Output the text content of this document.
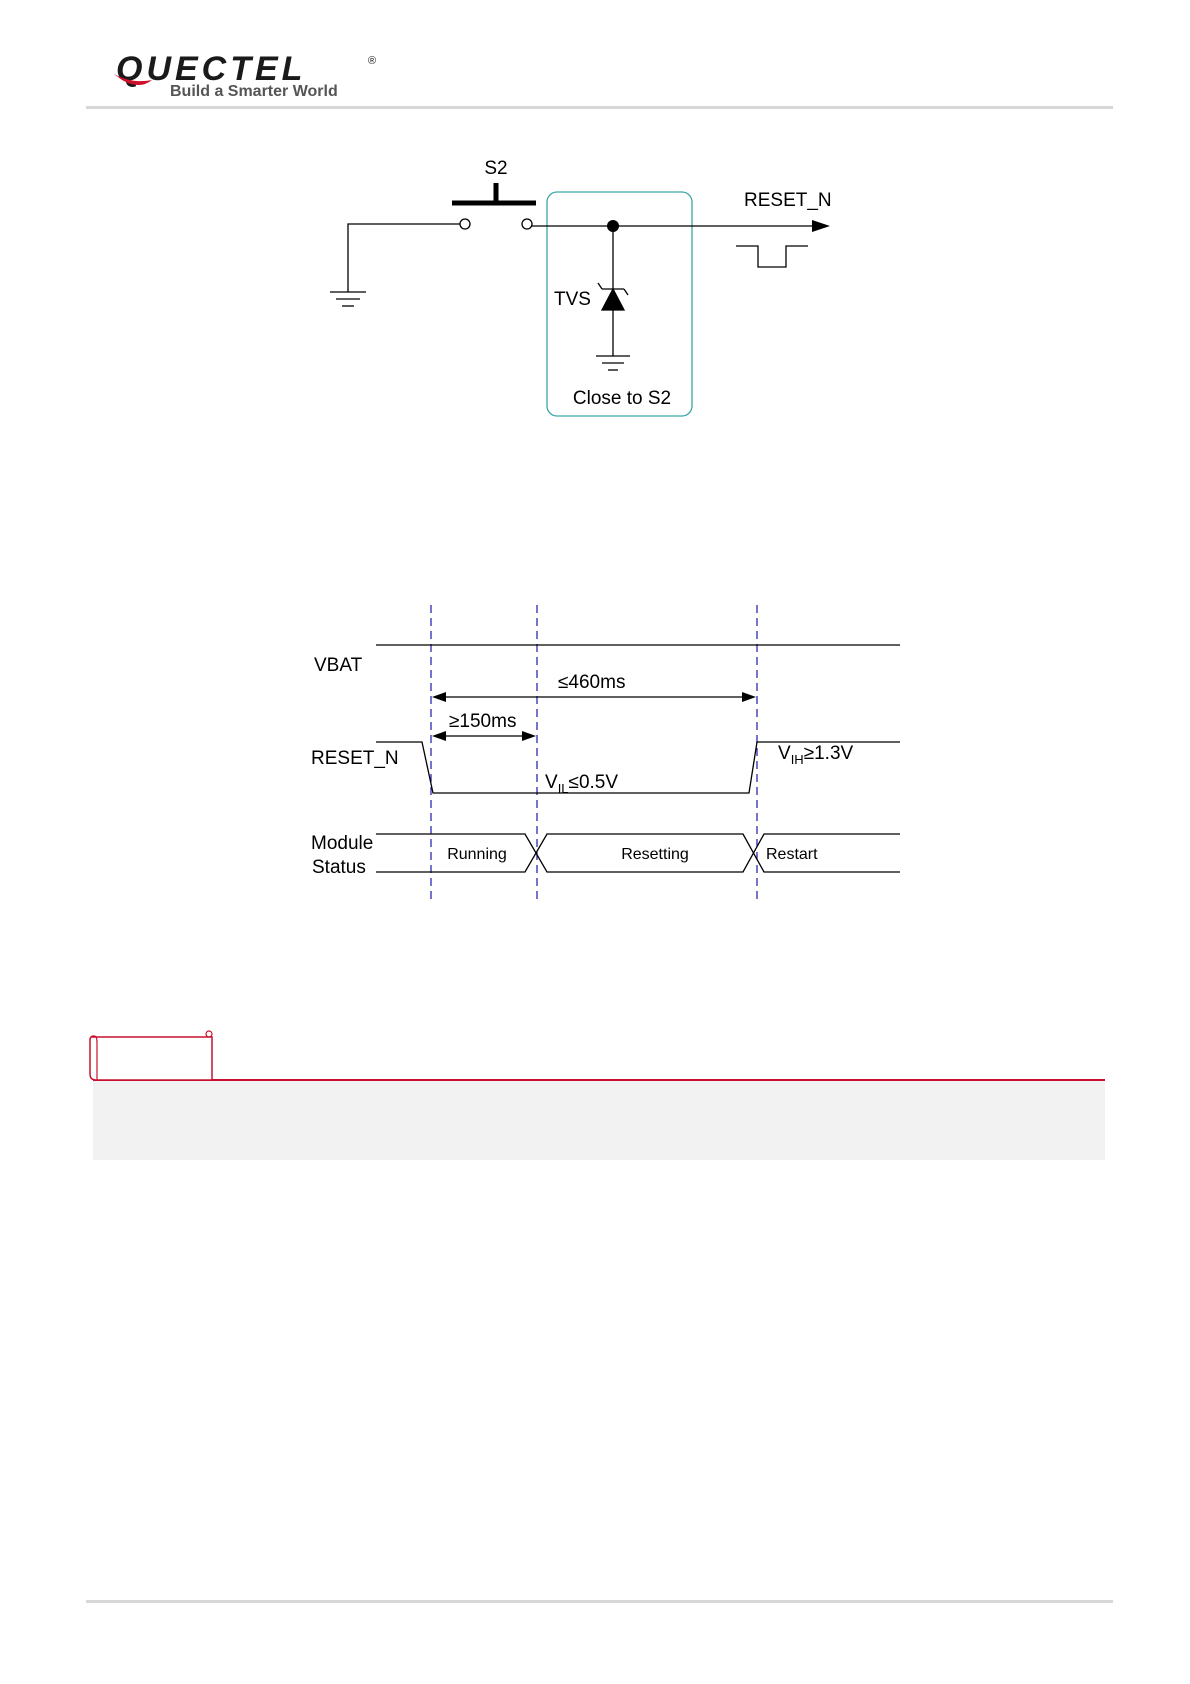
QUECTEL	®
Build a Smarter World
S2
Close to S2
RESET_N
TVS
VBAT
≤460ms
≥150ms
RESET_N
$V_{IL}\le 0.5V$
$V_{IH}\ge 1.3V$
Module
Status
Running	Resetting	Restart
